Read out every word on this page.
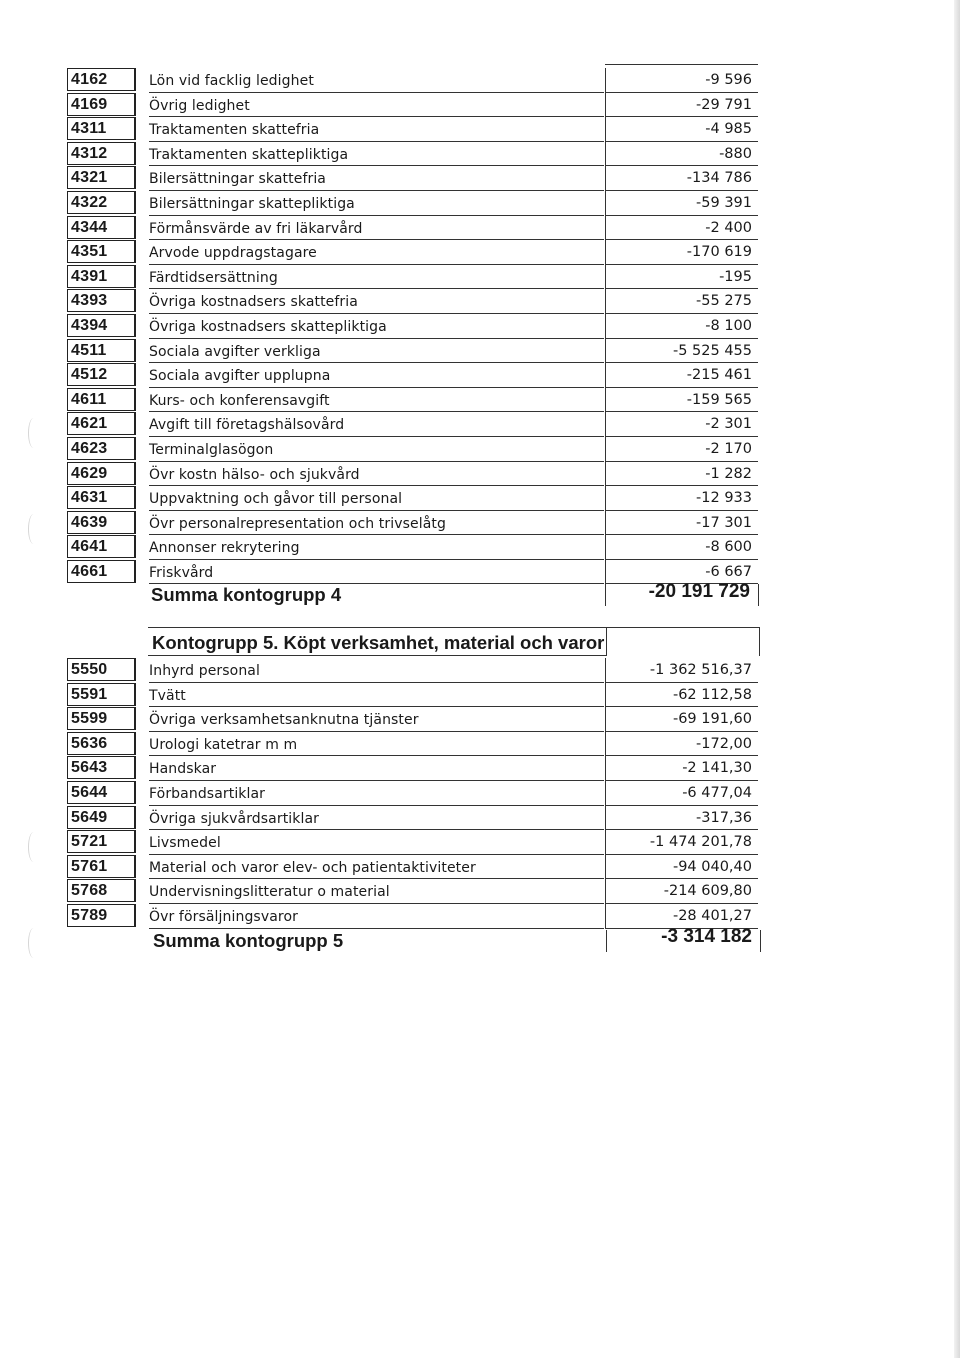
4162	Lön vid facklig ledighet	-9 596
4169	Övrig ledighet	-29 791
4311	Traktamenten skattefria	-4 985
4312	Traktamenten skattepliktiga	-880
4321	Bilersättningar skattefria	-134 786
4322	Bilersättningar skattepliktiga	-59 391
4344	Förmånsvärde av fri läkarvård	-2 400
4351	Arvode uppdragstagare	-170 619
4391	Färdtidsersättning	-195
4393	Övriga kostnadsers skattefria	-55 275
4394	Övriga kostnadsers skattepliktiga	-8 100
4511	Sociala avgifter verkliga	-5 525 455
4512	Sociala avgifter upplupna	-215 461
4611	Kurs- och konferensavgift	-159 565
4621	Avgift till företagshälsovård	-2 301
4623	Terminalglasögon	-2 170
4629	Övr kostn hälso- och sjukvård	-1 282
4631	Uppvaktning och gåvor till personal	-12 933
4639	Övr personalrepresentation och trivselåtg	-17 301
4641	Annonser rekrytering	-8 600
4661	Friskvård	-6 667
Summa kontogrupp 4	-20 191 729
Kontogrupp 5. Köpt verksamhet, material och varor
5550	Inhyrd personal	-1 362 516,37
5591	Tvätt	-62 112,58
5599	Övriga verksamhetsanknutna tjänster	-69 191,60
5636	Urologi katetrar m m	-172,00
5643	Handskar	-2 141,30
5644	Förbandsartiklar	-6 477,04
5649	Övriga sjukvårdsartiklar	-317,36
5721	Livsmedel	-1 474 201,78
5761	Material och varor elev- och patientaktiviteter	-94 040,40
5768	Undervisningslitteratur o material	-214 609,80
5789	Övr försäljningsvaror	-28 401,27
Summa kontogrupp 5	-3 314 182
